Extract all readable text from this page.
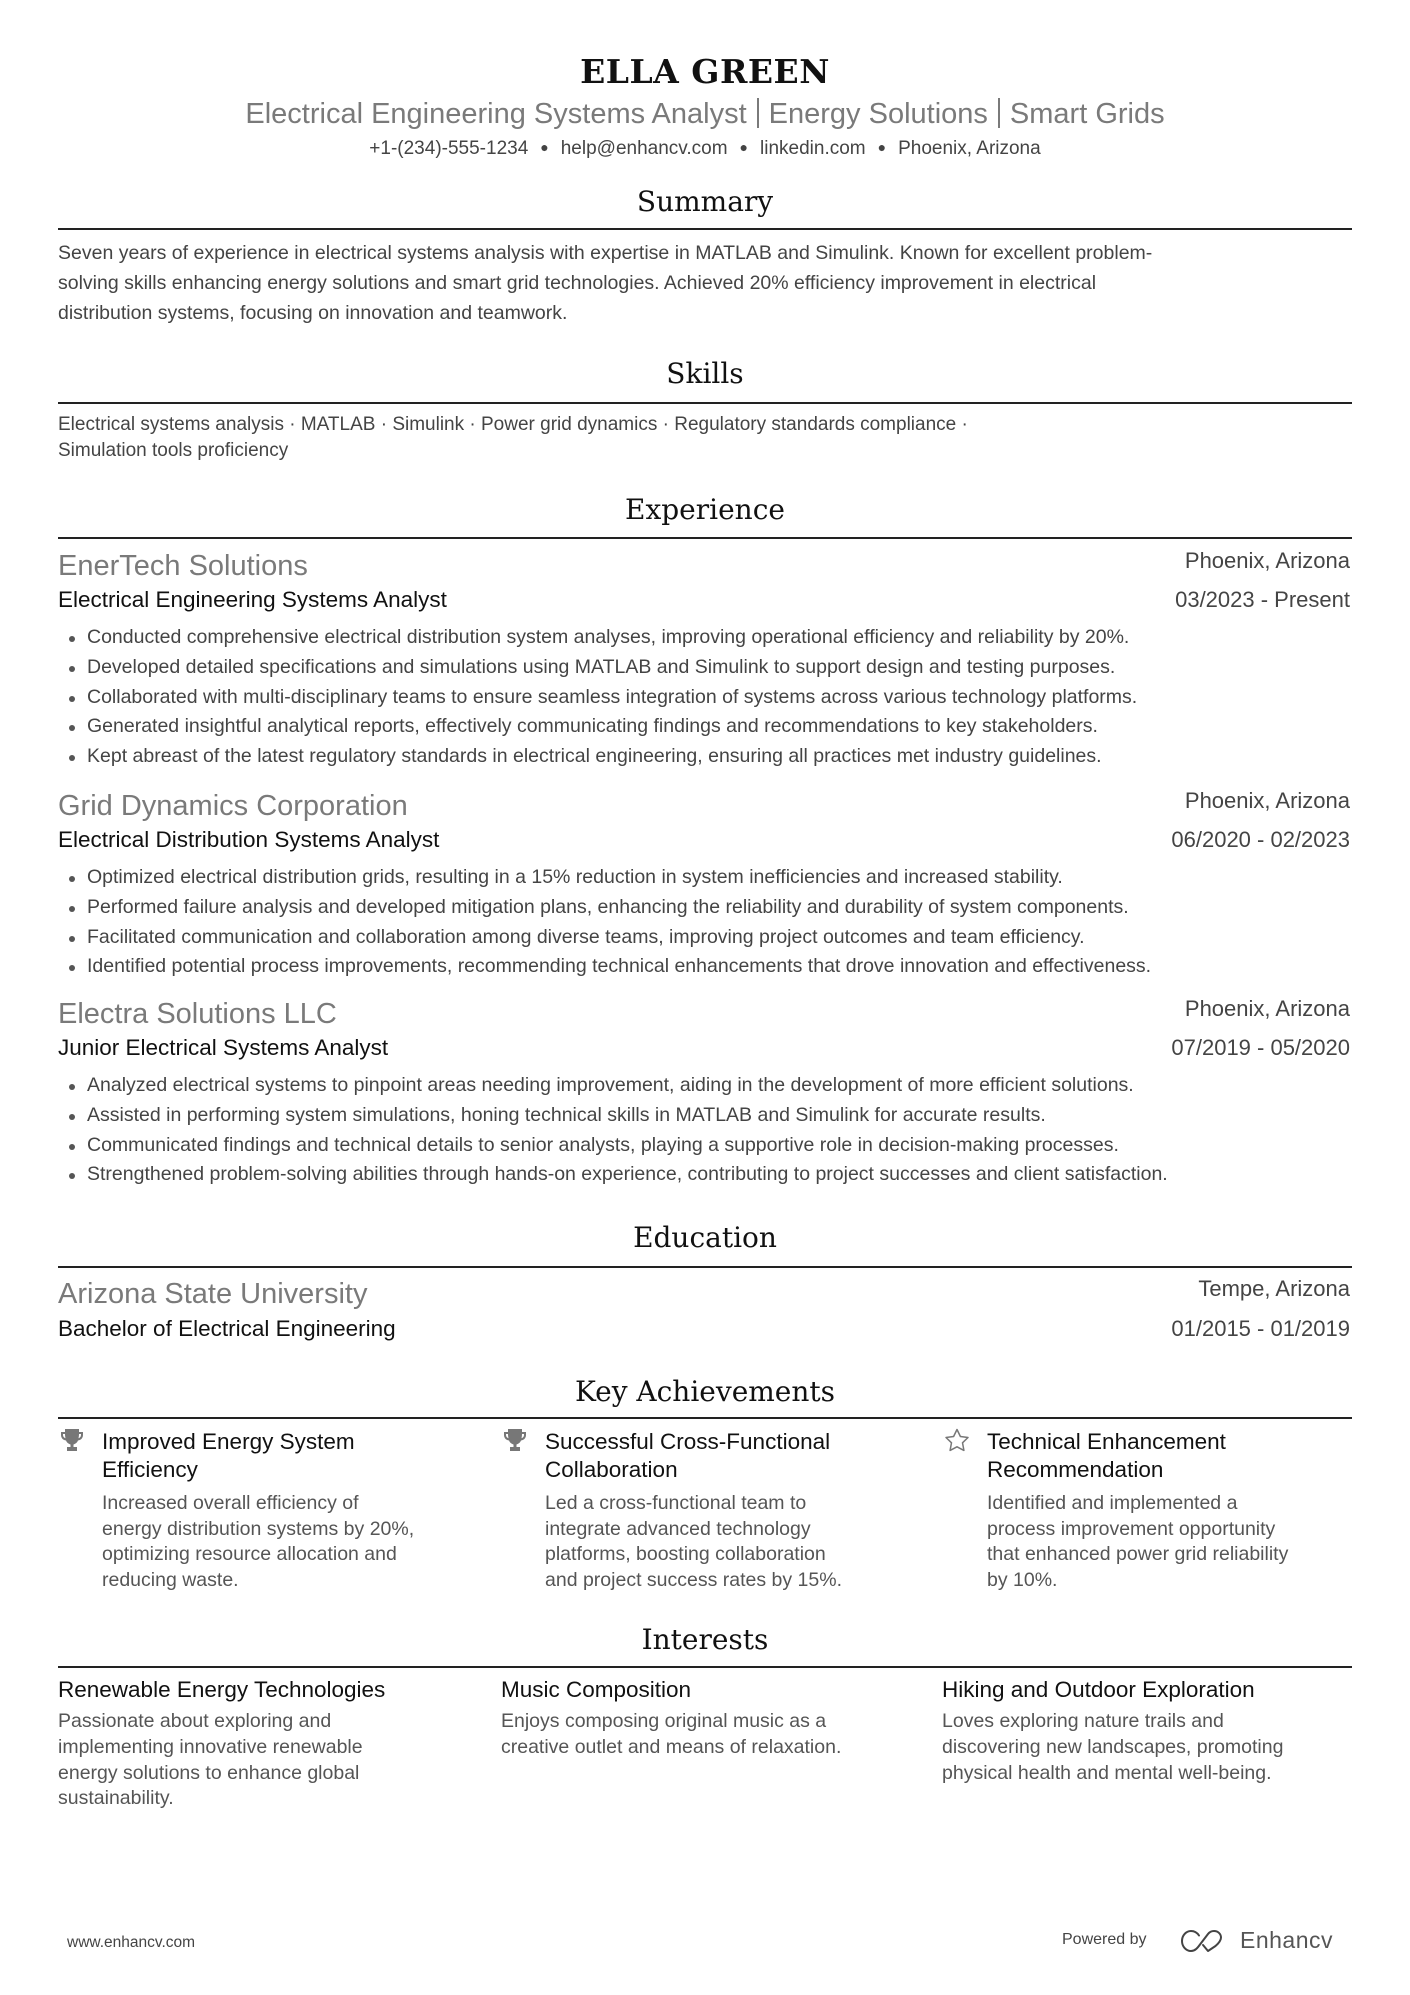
ELLA GREEN
Electrical Engineering Systems Analyst Energy Solutions Smart Grids
+1-(234)-555-1234 ● help@enhancv.com ● linkedin.com ● Phoenix, Arizona
Summary
Seven years of experience in electrical systems analysis with expertise in MATLAB and Simulink. Known for excellent problem-
solving skills enhancing energy solutions and smart grid technologies. Achieved 20% efficiency improvement in electrical
distribution systems, focusing on innovation and teamwork.
Skills
Electrical systems analysis · MATLAB · Simulink · Power grid dynamics · Regulatory standards compliance ·
Simulation tools proficiency
Experience
EnerTech Solutions	Phoenix, Arizona
Electrical Engineering Systems Analyst	03/2023 - Present
Conducted comprehensive electrical distribution system analyses, improving operational efficiency and reliability by 20%.
Developed detailed specifications and simulations using MATLAB and Simulink to support design and testing purposes.
Collaborated with multi-disciplinary teams to ensure seamless integration of systems across various technology platforms.
Generated insightful analytical reports, effectively communicating findings and recommendations to key stakeholders.
Kept abreast of the latest regulatory standards in electrical engineering, ensuring all practices met industry guidelines.
Grid Dynamics Corporation	Phoenix, Arizona
Electrical Distribution Systems Analyst	06/2020 - 02/2023
Optimized electrical distribution grids, resulting in a 15% reduction in system inefficiencies and increased stability.
Performed failure analysis and developed mitigation plans, enhancing the reliability and durability of system components.
Facilitated communication and collaboration among diverse teams, improving project outcomes and team efficiency.
Identified potential process improvements, recommending technical enhancements that drove innovation and effectiveness.
Electra Solutions LLC	Phoenix, Arizona
Junior Electrical Systems Analyst	07/2019 - 05/2020
Analyzed electrical systems to pinpoint areas needing improvement, aiding in the development of more efficient solutions.
Assisted in performing system simulations, honing technical skills in MATLAB and Simulink for accurate results.
Communicated findings and technical details to senior analysts, playing a supportive role in decision-making processes.
Strengthened problem-solving abilities through hands-on experience, contributing to project successes and client satisfaction.
Education
Arizona State University	Tempe, Arizona
Bachelor of Electrical Engineering	01/2015 - 01/2019
Key Achievements
Improved Energy System
Efficiency
Increased overall efficiency of
energy distribution systems by 20%,
optimizing resource allocation and
reducing waste.
Successful Cross-Functional
Collaboration
Led a cross-functional team to
integrate advanced technology
platforms, boosting collaboration
and project success rates by 15%.
Technical Enhancement
Recommendation
Identified and implemented a
process improvement opportunity
that enhanced power grid reliability
by 10%.
Interests
Renewable Energy Technologies
Passionate about exploring and
implementing innovative renewable
energy solutions to enhance global
sustainability.
Music Composition
Enjoys composing original music as a
creative outlet and means of relaxation.
Hiking and Outdoor Exploration
Loves exploring nature trails and
discovering new landscapes, promoting
physical health and mental well-being.
www.enhancv.com	Powered by	Enhancv
